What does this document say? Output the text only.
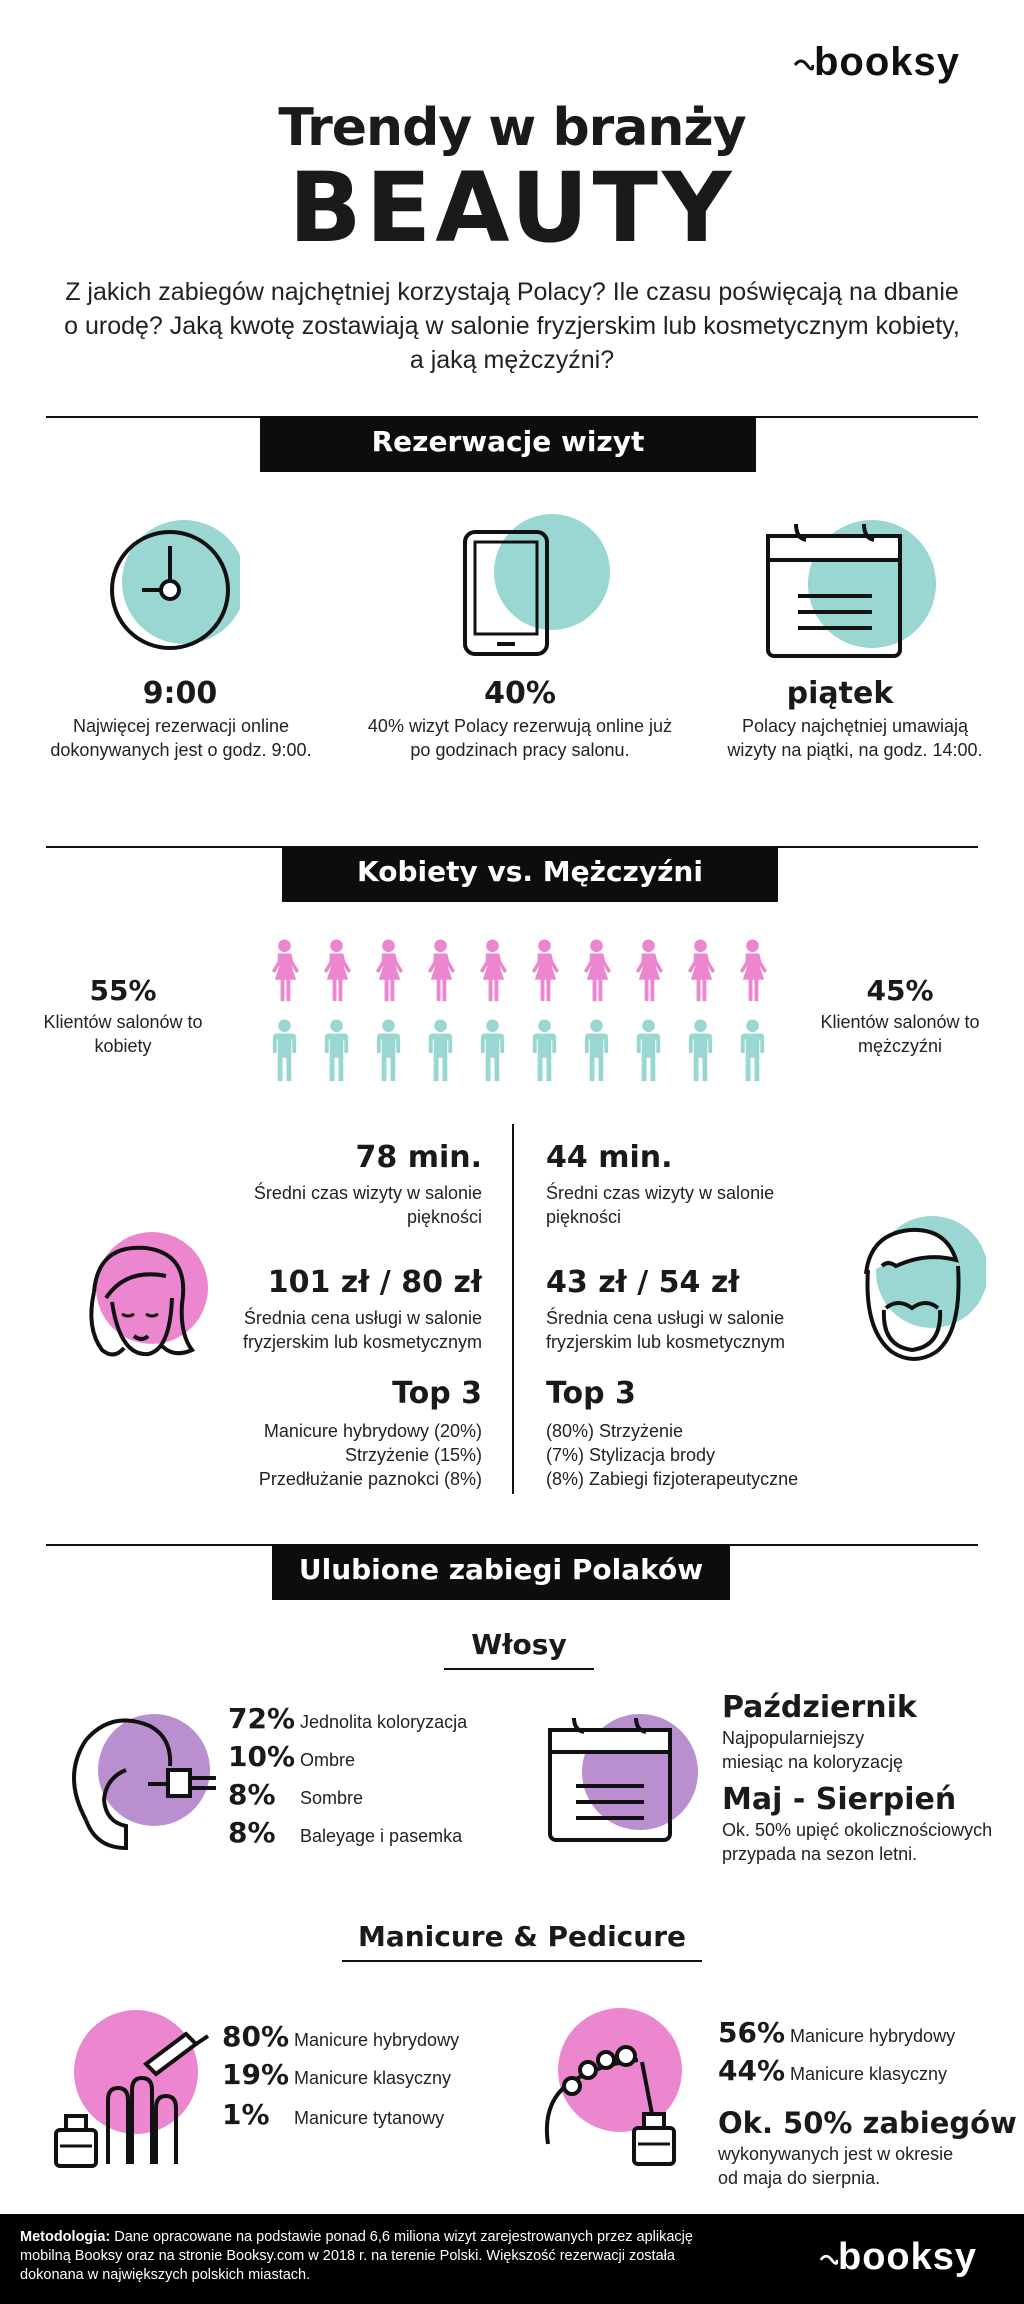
booksy
Trendy w branży
BEAUTY
Z jakich zabiegów najchętniej korzystają Polacy? Ile czasu poświęcają na dbanie o urodę? Jaką kwotę zostawiają w salonie fryzjerskim lub kosmetycznym kobiety, a jaką mężczyźni?
Rezerwacje wizyt
9:00
Najwięcej rezerwacji online dokonywanych jest o godz. 9:00.
40%
40% wizyt Polacy rezerwują online już po godzinach pracy salonu.
piątek
Polacy najchętniej umawiają wizyty na piątki, na godz. 14:00.
Kobiety vs. Mężczyźni
55%
Klientów salonów to kobiety
45%
Klientów salonów to mężczyźni
78 min.
Średni czas wizyty w salonie piękności
101 zł / 80 zł
Średnia cena usługi w salonie fryzjerskim lub kosmetycznym
Top 3
Manicure hybrydowy (20%)
Strzyżenie (15%)
Przedłużanie paznokci (8%)
44 min.
Średni czas wizyty w salonie piękności
43 zł / 54 zł
Średnia cena usługi w salonie fryzjerskim lub kosmetycznym
Top 3
(80%) Strzyżenie
(7%) Stylizacja brody
(8%) Zabiegi fizjoterapeutyczne
Ulubione zabiegi Polaków
Włosy
72% Jednolita koloryzacja
10% Ombre
8%	Sombre
8%	Baleyage i pasemka
Październik
Najpopularniejszy miesiąc na koloryzację
Maj - Sierpień
Ok. 50% upięć okolicznościowych przypada na sezon letni.
Manicure & Pedicure
80% Manicure hybrydowy
19% Manicure klasyczny
1%	Manicure tytanowy
56% Manicure hybrydowy
44% Manicure klasyczny
Ok. 50% zabiegów
wykonywanych jest w okresie od maja do sierpnia.
Metodologia: Dane opracowane na podstawie ponad 6,6 miliona wizyt zarejestrowanych przez aplikację mobilną Booksy oraz na stronie Booksy.com w 2018 r. na terenie Polski. Większość rezerwacji została dokonana w największych polskich miastach.	booksy
